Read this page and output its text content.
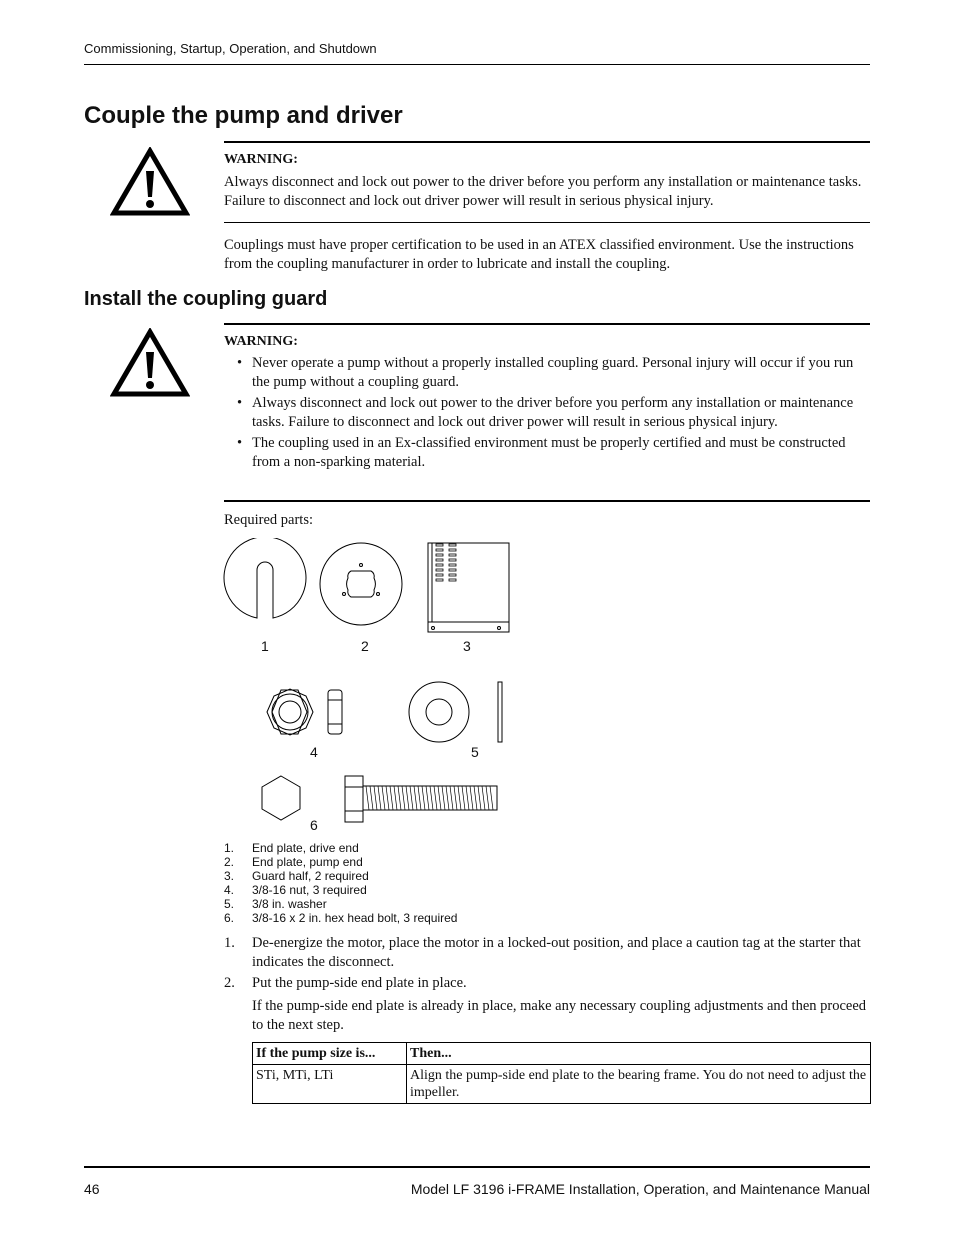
Commissioning, Startup, Operation, and Shutdown
Couple the pump and driver
WARNING:
Always disconnect and lock out power to the driver before you perform any installation or maintenance tasks. Failure to disconnect and lock out driver power will result in serious physical injury.
Couplings must have proper certification to be used in an ATEX classified environment. Use the instructions from the coupling manufacturer in order to lubricate and install the coupling.
Install the coupling guard
WARNING:
• Never operate a pump without a properly installed coupling guard. Personal injury will occur if you run the pump without a coupling guard.
• Always disconnect and lock out power to the driver before you perform any installation or maintenance tasks. Failure to disconnect and lock out driver power will result in serious physical injury.
• The coupling used in an Ex-classified environment must be properly certified and must be constructed from a non-sparking material.
Required parts:
1	2	3
4	5
6
1.	End plate, drive end
2.	End plate, pump end
3.	Guard half, 2 required
4.	3/8-16 nut, 3 required
5.	3/8 in. washer
6.	3/8-16 x 2 in. hex head bolt, 3 required
1.	De-energize the motor, place the motor in a locked-out position, and place a caution tag at the starter that indicates the disconnect.
2.	Put the pump-side end plate in place.
If the pump-side end plate is already in place, make any necessary coupling adjustments and then proceed to the next step.
If the pump size is...	Then...
STi, MTi, LTi	Align the pump-side end plate to the bearing frame. You do not need to adjust the impeller.
46	Model LF 3196 i-FRAME Installation, Operation, and Maintenance Manual
